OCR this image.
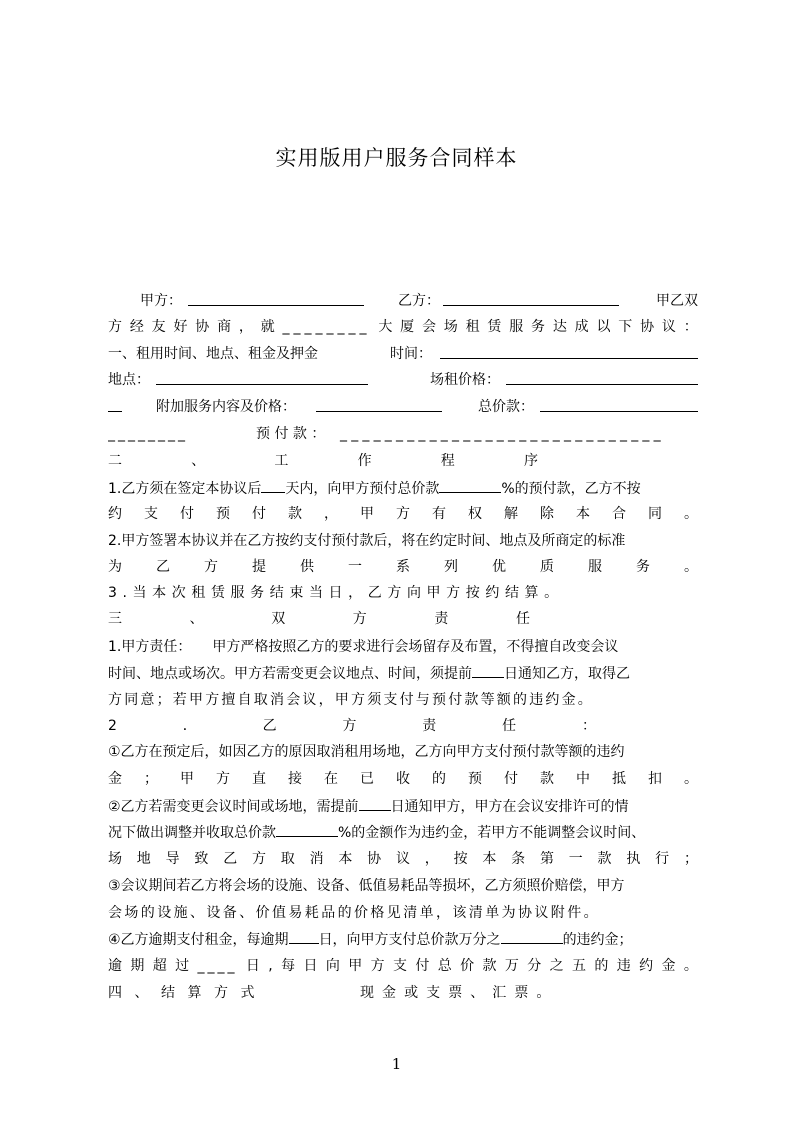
实用版用户服务合同样本
甲方：	乙方：	甲乙双
方 经 友 好 协 商 ， 就 ________ 大 厦 会 场 租 赁 服 务 达 成 以 下 协 议 ：
一、租用时间、地点、租金及押金	时间：
地点：	场租价格：
附加服务内容及价格：	总价款：
________	预 付 款 ： _____________________________
二	、	工	作	程	序
1.乙方须在签定本协议后 天内，向甲方预付总价款	%的预付款，乙方不按
约 支 付 预 付 款 ， 甲 方 有 权 解 除 本 合 同 。
2.甲方签署本协议并在乙方按约支付预付款后，将在约定时间、地点及所商定的标准
为 乙 方 提 供 一 系 列 优 质 服 务 。
3.当本次租赁服务结束当日，乙方向甲方按约结算。
三	、	双	方	责	任
1.甲方责任：　　甲方严格按照乙方的要求进行会场留存及布置，不得擅自改变会议
时间、地点或场次。甲方若需变更会议地点、时间，须提前 日通知乙方，取得乙
方同意；若甲方擅自取消会议，甲方须支付与预付款等额的违约金。
2	．	乙	方	责	任	：
①乙方在预定后，如因乙方的原因取消租用场地，乙方向甲方支付预付款等额的违约
金 ； 甲 方 直 接 在 已 收 的 预 付 款 中 抵 扣 。
②乙方若需变更会议时间或场地，需提前 日通知甲方，甲方在会议安排许可的情
况下做出调整并收取总价款	%的金额作为违约金，若甲方不能调整会议时间、
场 地 导 致 乙 方 取 消 本 协 议 ， 按 本 条 第 一 款 执 行 ；
③会议期间若乙方将会场的设施、设备、低值易耗品等损坏，乙方须照价赔偿，甲方
会场的设施、设备、价值易耗品的价格见清单，该清单为协议附件。
④乙方逾期支付租金，每逾期 日，向甲方支付总价款万分之	的违约金；
逾 期 超 过 ____ 日 , 每 日 向 甲 方 支 付 总 价 款 万 分 之 五 的 违 约 金 。
四、结算方式	现 金 或 支 票 、 汇 票 。
1
